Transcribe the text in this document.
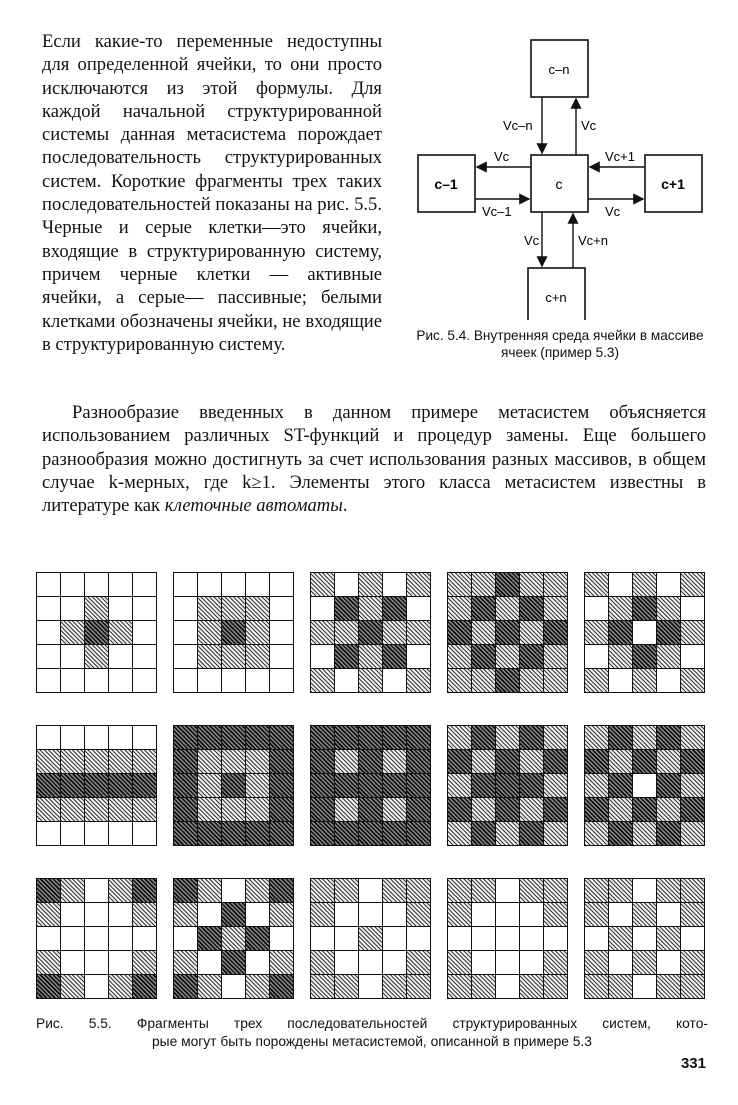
Если какие-то переменные недоступны для определенной ячейки, то они просто исключаются из этой формулы. Для каждой начальной структурированной системы данная метасистема порождает последовательность структурированных систем. Короткие фрагменты трех таких последовательностей показаны на рис. 5.5. Черные и серые клетки—это ячейки, входящие в структурированную систему, причем черные клетки — активные ячейки, а серые— пассивные; белыми клетками обозначены ячейки, не входящие в структурированную систему.

c–n
c–1	c	c+1
c+n
Vc–n	Vc
Vc
Vc–1
Vc+1
Vc
Vc	Vc+n

Рис. 5.4. Внутренняя среда ячейки в массиве ячеек (пример 5.3)

Разнообразие введенных в данном примере метасистем объясняется использованием различных ST-функций и процедур замены. Еще большего разнообразия можно достигнуть за счет использования разных массивов, в общем случае k-мерных, где k≥1. Элементы этого класса метасистем известны в литературе как клеточные автоматы.

Рис. 5.5. Фрагменты трех последовательностей структурированных систем, кото-
рые могут быть порождены метасистемой, описанной в примере 5.3

331
